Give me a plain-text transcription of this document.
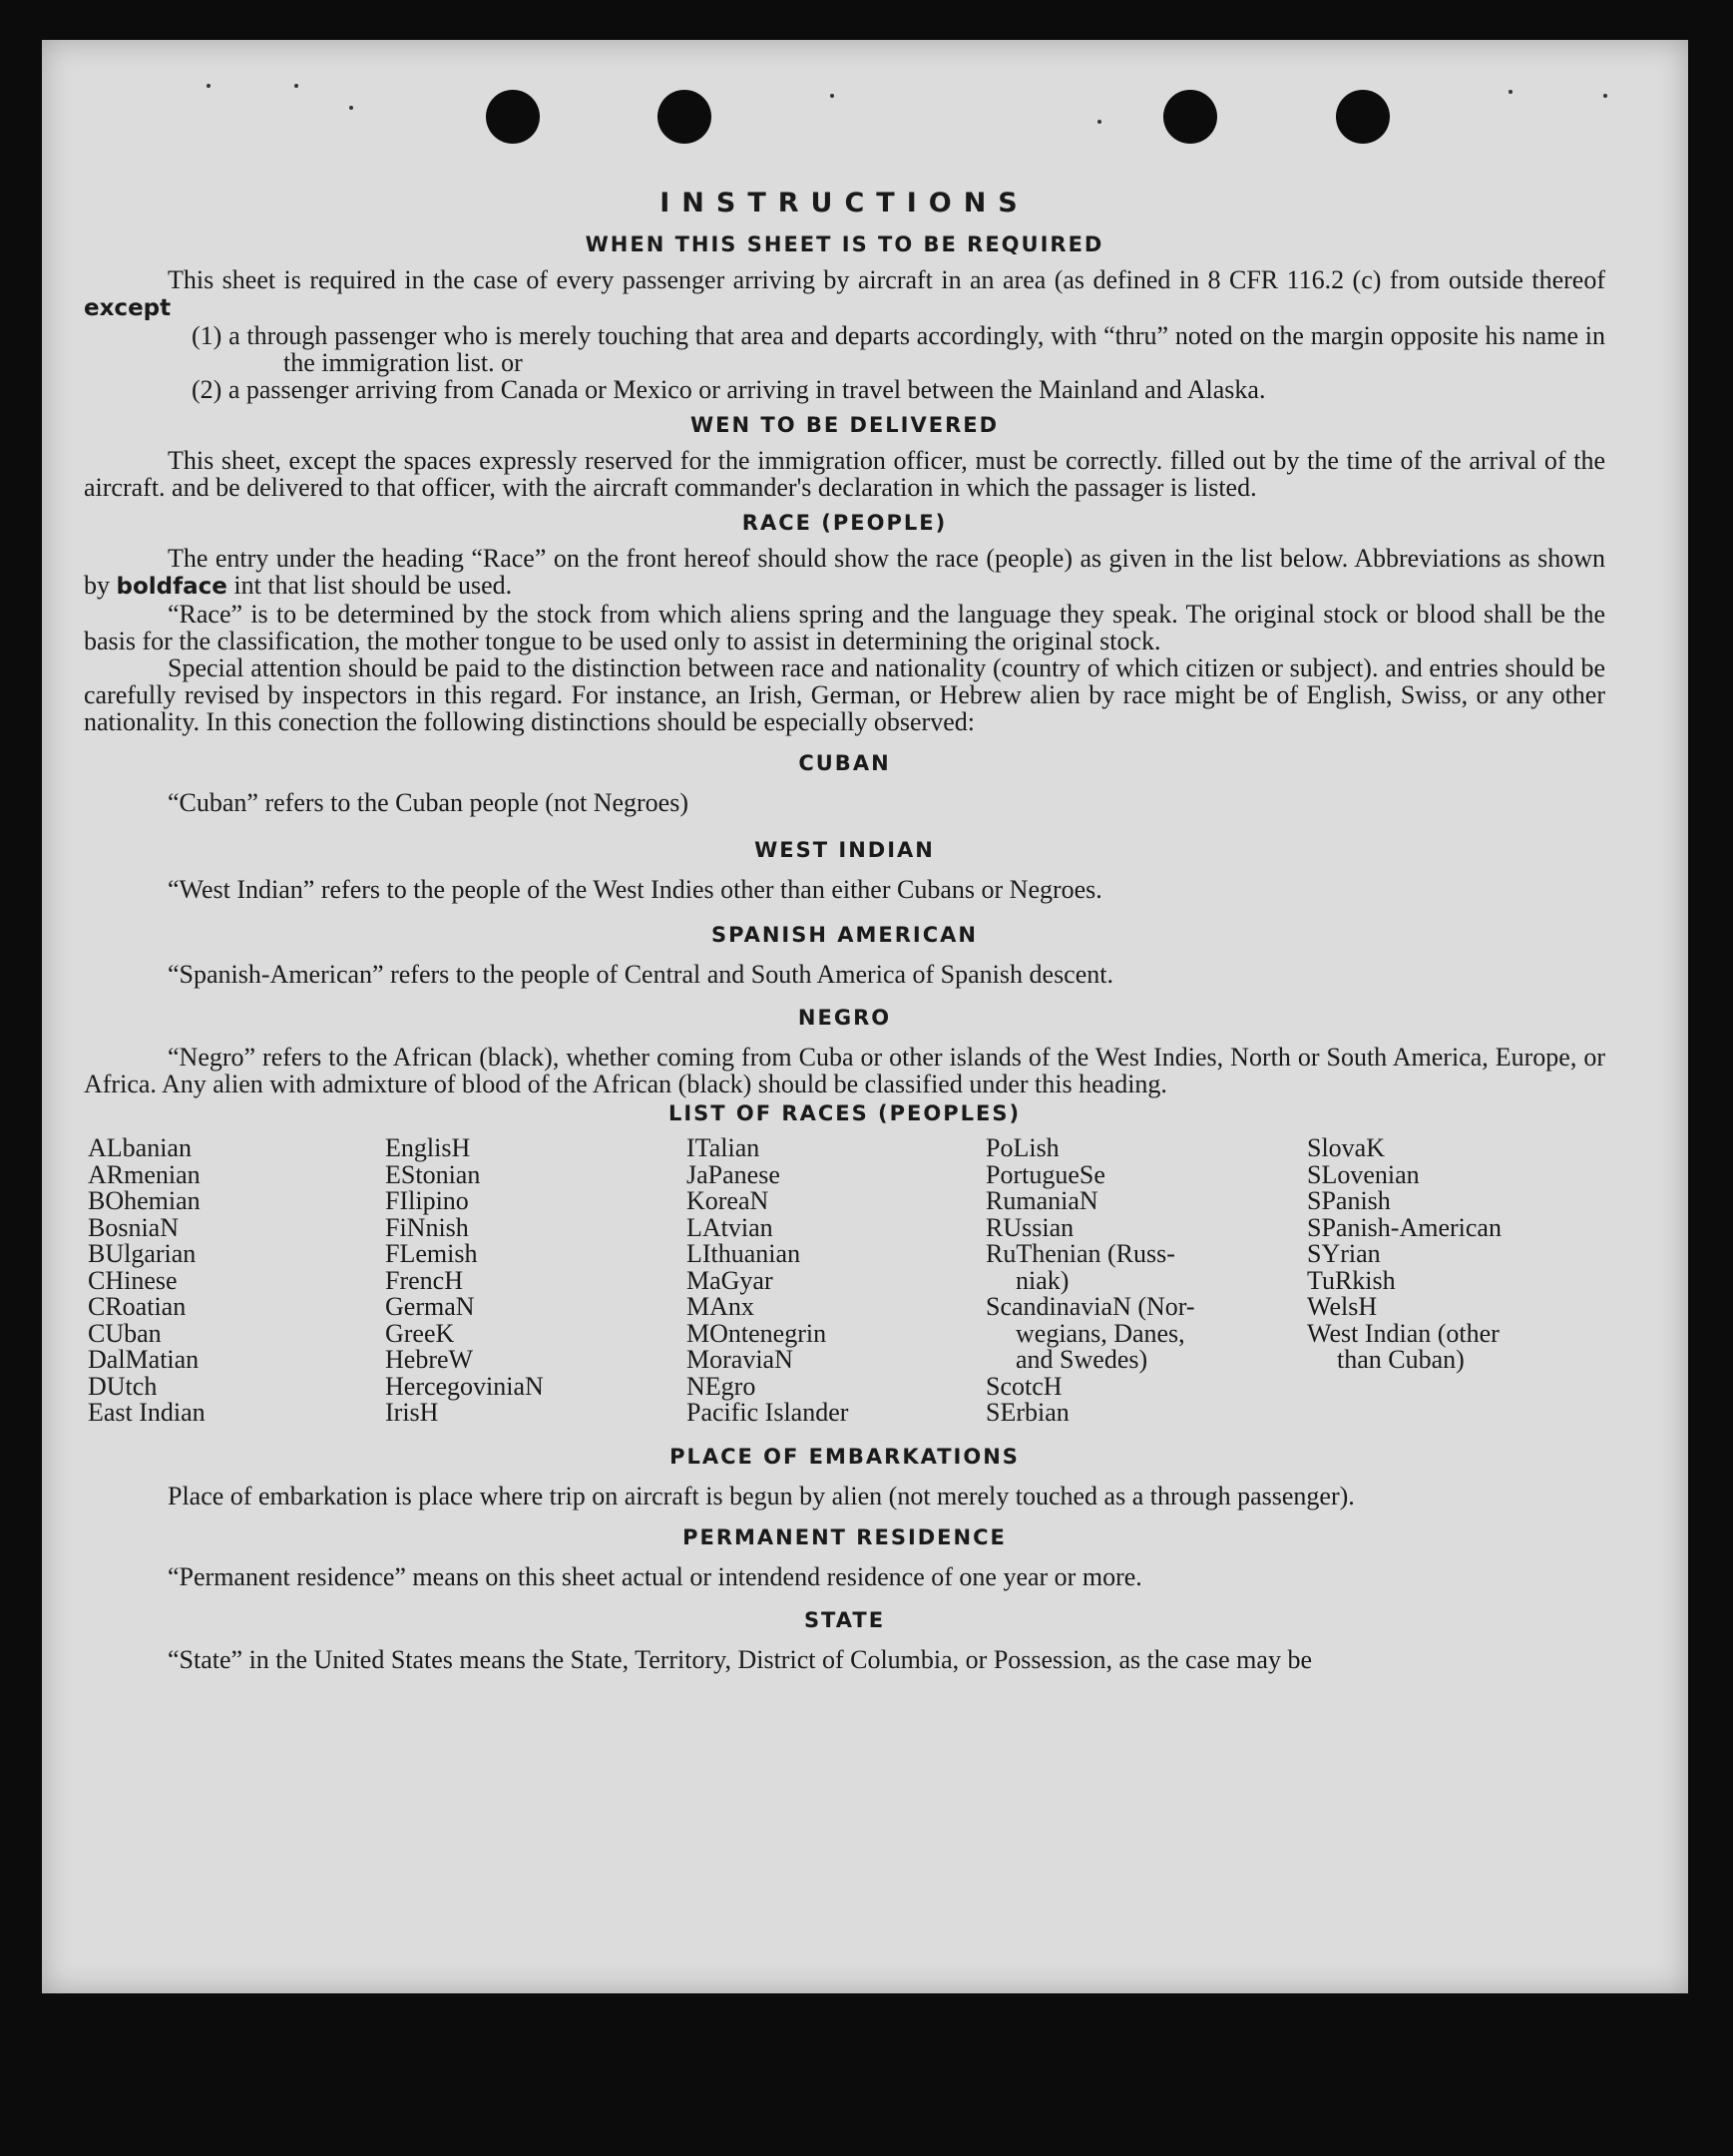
INSTRUCTIONS
WHEN THIS SHEET IS TO BE REQUIRED

This sheet is required in the case of every passenger arriving by aircraft in an area (as defined in 8 CFR 116.2 (c) from outside thereof except

(1) a through passenger who is merely touching that area and departs accordingly, with “thru” noted on the margin opposite his name in the immigration list. or

(2) a passenger arriving from Canada or Mexico or arriving in travel between the Mainland and Alaska.

WEN TO BE DELIVERED

This sheet, except the spaces expressly reserved for the immigration officer, must be correctly. filled out by the time of the arrival of the aircraft. and be delivered to that officer, with the aircraft commander's declaration in which the passager is listed.

RACE (PEOPLE)

The entry under the heading “Race” on the front hereof should show the race (people) as given in the list below. Abbreviations as shown by boldface int that list should be used.

“Race” is to be determined by the stock from which aliens spring and the language they speak. The original stock or blood shall be the basis for the classification, the mother tongue to be used only to assist in determining the original stock.

Special attention should be paid to the distinction between race and nationality (country of which citizen or subject). and entries should be carefully revised by inspectors in this regard. For instance, an Irish, German, or Hebrew alien by race might be of English, Swiss, or any other nationality. In this conection the following distinctions should be especially observed:

CUBAN

“Cuban” refers to the Cuban people (not Negroes)

WEST INDIAN

“West Indian” refers to the people of the West Indies other than either Cubans or Negroes.

SPANISH AMERICAN

“Spanish-American” refers to the people of Central and South America of Spanish descent.

NEGRO

“Negro” refers to the African (black), whether coming from Cuba or other islands of the West Indies, North or South America, Europe, or Africa. Any alien with admixture of blood of the African (black) should be classified under this heading.

LIST OF RACES (PEOPLES)
ALbanian
ARmenian
BOhemian
BosniaN
BUlgarian
CHinese
CRoatian
CUban
DalMatian
DUtch
East Indian
EnglisH
EStonian
FIlipino
FiNnish
FLemish
FrencH
GermaN
GreeK
HebreW
HercegoviniaN
IrisH
ITalian
JaPanese
KoreaN
LAtvian
LIthuanian
MaGyar
MAnx
MOntenegrin
MoraviaN
NEgro
Pacific Islander
PoLish
PortugueSe
RumaniaN
RUssian
RuThenian (Russ-
niak)
ScandinaviaN (Nor-
wegians, Danes,
and Swedes)
ScotcH
SErbian
SlovaK
SLovenian
SPanish
SPanish-American
SYrian
TuRkish
WelsH
West Indian (other
than Cuban)
PLACE OF EMBARKATIONS

Place of embarkation is place where trip on aircraft is begun by alien (not merely touched as a through passenger).

PERMANENT RESIDENCE

“Permanent residence” means on this sheet actual or intendend residence of one year or more.

STATE

“State” in the United States means the State, Territory, District of Columbia, or Possession, as the case may be
